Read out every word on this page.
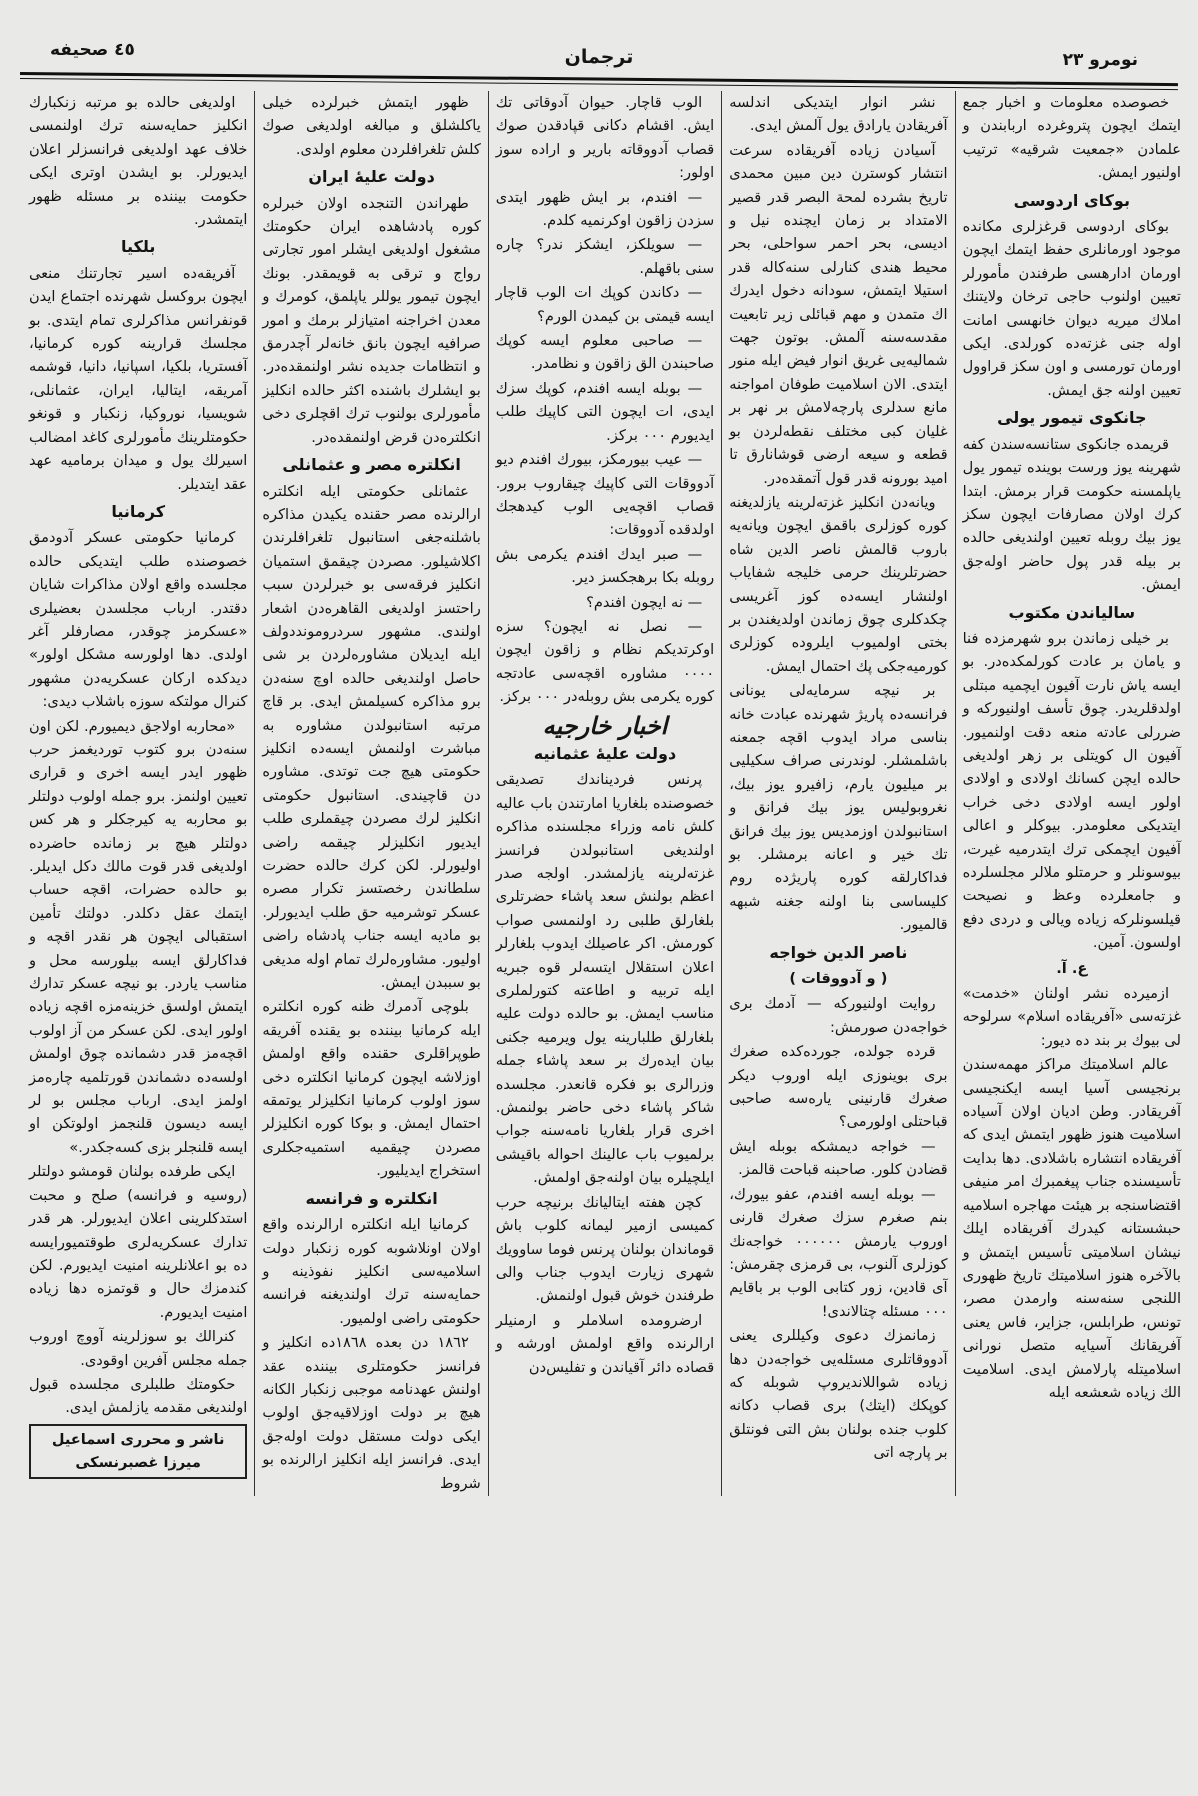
٤٥ صحيفه	ترجمان	نومرو ٢٣

خصوصده معلومات و اخبار جمع ایتمك ایچون پتروغرده اربابندن و علمادن «جمعیت شرقیه» ترتیب اولنیور ایمش.

بوكای اردوسی

بوكای اردوسی قرغزلری مكانده موجود اورمانلری حفظ ایتمك ایچون اورمان ادارهسی طرفندن مأمورلر تعیین اولنوب حاجی ترخان ولایتنك املاك میریه دیوان خانهسی امانت اوله جنی غزته‌ده كورلدی. ایكی اورمان تورمسی و اون سكز قراوول تعیین اولنه جق ایمش.

جانكوی تیمور یولی

قریمده جانكوی ستانسه‌سندن كفه شهرینه یوز ورست بوینده تیمور یول یاپلمسنه حكومت قرار برمش. ابتدا كرك اولان مصارفات ایچون سكز یوز بیك روبله تعیین اولندیغی حالده بر بیله قدر پول حاضر اوله‌جق ایمش.

سالیاندن مكتوب

بر خیلی زماندن برو شهرمزده فنا و یامان بر عادت كورلمكده‌در. بو ایسه یاش نارت آفیون ایچمیه مبتلی اولدقلریدر. چوق تأسف اولنیوركه و ضررلی عادته منعه دقت اولنمیور. آفیون ال كویتلی بر زهر اولدیغی حالده ایچن كسانك اولادی و اولادی اولور ایسه اولادی دخی خراب ایتدیكی معلومدر. بیوكلر و اعالی آفیون ایچمكی ترك ایتدرمیه غیرت، بیوسونلر و حرمتلو ملالر مجلسلرده و جامعلرده وعظ و نصیحت قیلسونلركه زیاده ویالی و دردی دفع اولسون. آمین.

ع. آ.

ازمیرده نشر اولنان «خدمت» غزته‌سی «آفریقاده اسلام» سرلوحه لی بیوك بر بند ده دیور:

عالم اسلامیتك مراكز مهمه‌سندن برنجیسی آسیا ایسه ایكنجیسی آفریقادر. وطن ادیان اولان آسیاده اسلامیت هنوز ظهور ایتمش ایدی كه آفریقاده انتشاره باشلادی. دها بدایت تأسیسنده جناب پیغمبرك امر منیفی اقتضاسنجه بر هیئت مهاجره اسلامیه حبشستانه كیدرك آفریقاده ایلك نیشان اسلامیتی تأسیس ایتمش و بالآخره هنوز اسلامیتك تاریخ ظهوری اللنجی سنه‌سنه وارمدن مصر، تونس، طرابلس، جزایر، فاس یعنی آفریقانك آسیایه متصل نورانی اسلامیتله پارلامش ایدی. اسلامیت الك زیاده شعشعه ایله

نشر انوار ایتدیكی اندلسه آفریقادن یارادق یول آلمش ایدی.

آسیادن زیاده آفریقاده سرعت انتشار كوسترن دین مبین محمدی تاریخ بشرده لمحة البصر قدر قصیر الامتداد بر زمان ایچنده نیل و ادیسی، بحر احمر سواحلی، بحر محیط هندی كنارلی سنه‌كاله قدر استیلا ایتمش، سودانه دخول ایدرك اك متمدن و مهم قبائلی زیر تابعیت مقدسه‌سنه آلمش. بوتون جهت شمالیه‌یی غریق انوار فیض ایله منور ایتدی. الان اسلامیت طوفان امواجنه مانع سدلری پارچه‌لامش بر نهر بر غلیان كبی مختلف نقطه‌لردن بو قطعه و سیعه ارضی قوشانارق تا امید بورونه قدر قول آتمقده‌در.

ویانه‌دن انكلیز غزته‌لرینه یازلدیغنه كوره كوزلری باقمق ایچون ویانه‌یه باروب قالمش ناصر الدین شاه حضرتلرینك حرمی خلیجه شفایاب اولنشار ایسه‌ده كوز آغریسی چكدكلری چوق زماندن اولدیغندن بر بختی اولمیوب ایلروده كوزلری كورمیه‌جكی پك احتمال ایمش.

بر نیچه سرمایه‌لی یونانی فرانسه‌ده پاریژ شهرنده عبادت خانه بناسی مراد ایدوب اقچه جمعنه باشلمشلر. لوندرنی صراف سكیلیی بر میلیون یارم، زافیرو یوز بیك، نغروبولیس یوز بیك فرانق و استانبولدن اوزمدیس یوز بیك فرانق تك خیر و اعانه برمشلر. بو فداكارلقه كوره پاریژده روم كلیساسی بنا اولنه جغنه شبهه قالمیور.

ناصر الدین خواجه
( و آدووقات )

روایت اولنیوركه — آدمك بری خواجه‌دن صورمش:

قرده جولده، جورده‌كده صغرك بری بوینوزی ایله اوروب دیكر صغرك قارنینی یاره‌سه صاحبی قباحتلی اولورمی؟

— خواجه دیمشكه بوبله ایش قضادن كلور. صاحبنه قباحت قالمز.

— بوبله ایسه افندم، عفو بیورك، بنم صغرم سزك صغرك قارنی اوروب یارمش ٠٠٠٠٠٠ خواجه‌نك كوزلری آلنوب، بی قرمزی چقرمش: آی قادین، زور كتابی الوب بر باقایم ٠٠٠ مسئله چتالاندی!

زمانمزك دعوی وكیللری یعنی آدووقاتلری مسئله‌یی خواجه‌دن دها زیاده شواللاندیروپ شوبله كه كوپكك (ایتك) بری قصاب دكانه كلوب جنده بولنان بش التی فونتلق بر پارچه اتی

الوب قاچار. حیوان آدوقاتی تك ایش. اقشام دكانی قپادقدن صوك قصاب آدووقاته باریر و اراده سوز اولور:

— افندم، بر ایش ظهور ایتدی سزدن زاقون اوكرنمیه كلدم.

— سویلكز، ایشكز ندر؟ چاره سنی باقهلم.

— دكاندن كوپك ات الوب قاچار ایسه قیمتی بن كیمدن الورم؟

— صاحبی معلوم ایسه كوپك صاحبندن الق زاقون و نظامدر.

— بوبله ایسه افندم، كوپك سزك ایدی، ات ایچون التی كاپیك طلب ایدیورم ٠٠٠ بركز.

— عیب بیورمكز، بیورك افندم دیو آدووقات التی كاپیك چیقاروب برور. قصاب اقچه‌یی الوب كیدهجك اولدقده آدووقات:

— صبر ایدك افندم یكرمی بش روبله بكا برهجكسز دیر.

— نه ایچون افندم؟

— نصل نه ایچون؟ سزه اوكرتدیكم نظام و زاقون ایچون ٠٠٠٠ مشاوره اقچه‌سی عادتجه كوره یكرمی بش روبله‌در ٠٠٠ بركز.

اخبار خارجیه
دولت علیهٔ عثمانیه

پرنس فردیناندك تصدیقی خصوصنده بلغاریا امارتندن باب عالیه كلش نامه وزراء مجلسنده مذاكره اولندیغی استانبولدن فرانسز غزته‌لرینه یازلمشدر. اولجه صدر اعظم بولنش سعد پاشاء حضرتلری بلغارلق طلبی رد اولنمسی صواب كورمش. اكر عاصیلك ایدوب بلغارلر اعلان استقلال ایتسه‌لر قوه جبریه ایله تربیه و اطاعته كتورلملری مناسب ایمش. بو حالده دولت علیه بلغارلق طلبارینه یول ویرمیه جكنی بیان ایده‌رك بر سعد پاشاء جمله وزرالری بو فكره قانعدر. مجلسده شاكر پاشاء دخی حاضر بولنمش. اخری قرار بلغاریا نامه‌سنه جواب برلمیوب باب عالینك احواله باقیشی ایلچیلره بیان اولنه‌جق اولمش.

كچن هفته ایتالیانك برنیچه حرب كمیسی ازمیر لیمانه كلوب باش قوماندان بولنان پرنس فوما ساوویك شهری زیارت ایدوب جناب والی طرفندن خوش قبول اولنمش.

ارضرومده اسلاملر و ارمنیلر ارالرنده واقع اولمش اورشه و قصاده دائر آقیاندن و تفلیس‌دن

ظهور ایتمش خبرلرده خیلی یاكلشلق و مبالغه اولدیغی صوك كلش تلغرافلردن معلوم اولدی.

دولت علیهٔ ایران

طهراندن التنجده اولان خبرلره كوره پادشاهده ایران حكومتك مشغول اولدیغی ایشلر امور تجارتی رواج و ترقی به قویمقدر. بونك ایچون تیمور یوللر یاپلمق، كومرك و معدن اخراجنه امتیازلر برمك و امور صرافیه ایچون بانق خانه‌لر آچدرمق و انتظامات جدیده نشر اولنمقده‌در. بو ایشلرك باشنده اكثر حالده انكلیز مأمورلری بولنوب ترك اقچلری دخی انكلتره‌دن قرض اولنمقده‌در.

انكلتره مصر و عثمانلی

عثمانلی حكومتی ایله انكلتره ارالرنده مصر حقنده یكیدن مذاكره باشلنه‌جغی استانبول تلغرافلرندن اكلاشیلور. مصردن چیقمق استمیان انكلیز فرقه‌سی بو خبرلردن سبب راحتسز اولدیغی القاهره‌دن اشعار اولندی. مشهور سردرومونددولف ایله ایدیلان مشاوره‌لردن بر شی حاصل اولندیغی حالده اوچ سنه‌دن برو مذاكره كسیلمش ایدی. بر قاچ مرتبه استانبولدن مشاوره به مباشرت اولنمش ایسه‌ده انكلیز حكومتی هیچ جت توتدی. مشاوره دن قاچیندی. استانبول حكومتی انكلیز لرك مصردن چیقملری طلب ایدیور انكلیزلر چیقمه راضی اولیورلر. لكن كرك حالده حضرت سلطاندن رخصتسز تكرار مصره عسكر توشرمیه حق طلب ایدیورلر. بو مادیه ایسه جناب پادشاه راضی اولیور. مشاوره‌لرك تمام اوله مدیغی بو سببدن ایمش.

بلوچی آدمرك ظنه كوره انكلتره ایله كرمانیا بیننده بو یقنده آفریقه طوپراقلری حقنده واقع اولمش اوزلاشه ایچون كرمانیا انكلتره دخی سوز اولوب كرمانیا انكلیزلر یوتمقه احتمال ایمش. و بوكا كوره انكلیزلر مصردن چیقمیه استمیه‌جكلری استخراج ایدیلیور.

انكلتره و فرانسه

كرمانیا ایله انكلتره ارالرنده واقع اولان اونلاشوبه كوره زنكبار دولت اسلامیه‌سی انكلیز نفوذینه و حمایه‌سنه ترك اولندیغنه فرانسه حكومتی راضی اولمیور.

١٨٦٢ دن بعده ١٨٦٨ده انكلیز و فرانسز حكومتلری بیننده عقد اولنش عهدنامه موجبی زنكبار الكانه هیچ بر دولت اوزلاقیه‌جق اولوب ایكی دولت مستقل دولت اوله‌جق ایدی. فرانسز ایله انكلیز ارالرنده بو شروط

اولدیغی حالده بو مرتبه زنكبارك انكلیز حمایه‌سنه ترك اولنمسی خلاف عهد اولدیغی فرانسزلر اعلان ایدیورلر. بو ایشدن اوتری ایكی حكومت بیننده بر مسئله ظهور ایتمشدر.

بلكیا

آفریقه‌ده اسیر تجارتنك منعی ایچون بروكسل شهرنده اجتماع ایدن قونفرانس مذاكرلری تمام ایتدی. بو مجلسك قرارینه كوره كرمانیا، آفستریا، بلكیا، اسپانیا، دانیا، قوشمه آمریقه، ایتالیا، ایران، عثمانلی، شویسیا، نوروكیا، زنكبار و قونغو حكومتلرینك مأمورلری كاغد امضالب اسیرلك یول و میدان برمامیه عهد عقد ایتدیلر.

كرمانیا

كرمانیا حكومتی عسكر آدودمق خصوصنده طلب ایتدیكی حالده مجلسده واقع اولان مذاكرات شایان دقتدر. ارباب مجلسدن بعضیلری «عسكرمز چوقدر، مصارفلر آغر اولدی. دها اولورسه مشكل اولور» دیدكده اركان عسكریه‌دن مشهور كنرال مولتكه سوزه باشلاب دیدی:

«محاربه اولاجق دیمیورم. لكن اون سنه‌دن برو كتوب توردیغمز حرب ظهور ایدر ایسه اخری و قراری تعیین اولنمز. برو جمله اولوب دولتلر بو محاربه یه كیرجكلر و هر كس دولتلر هیچ بر زمانده حاضرده اولدیغی قدر قوت مالك دكل ایدیلر. بو حالده حضرات، اقچه حساب ایتمك عقل دكلدر. دولتك تأمین استقبالی ایچون هر نقدر اقچه و فداكارلق ایسه بیلورسه محل و مناسب یاردر. بو نیچه عسكر تدارك ایتمش اولسق خزینه‌مزه اقچه زیاده اولور ایدی. لكن عسكر من آز اولوب اقچه‌مز قدر دشمانده چوق اولمش اولسه‌ده دشماندن قورتلمیه چاره‌مز اولمز ایدی. ارباب مجلس بو لر ایسه دیسون قلنجمز اولوتكن او ایسه قلنجلر بزی كسه‌جكدر.»

ایكی طرفده بولنان قومشو دولتلر (روسیه و فرانسه) صلح و محبت استدكلرینی اعلان ایدیورلر. هر قدر تدارك عسكریه‌لری طوقتمیورایسه ده بو اعلانلرینه امنیت ایدیورم. لكن كندمزك حال و قوتمزه دها زیاده امنیت ایدیورم.

كنرالك بو سوزلرینه آووچ اوروب جمله مجلس آفرین اوقودی.

حكومتك طلبلری مجلسده قبول اولندیغی مقدمه یازلمش ایدی.

ناشر و محرری اسماعیل میرزا غصبرنسكی
